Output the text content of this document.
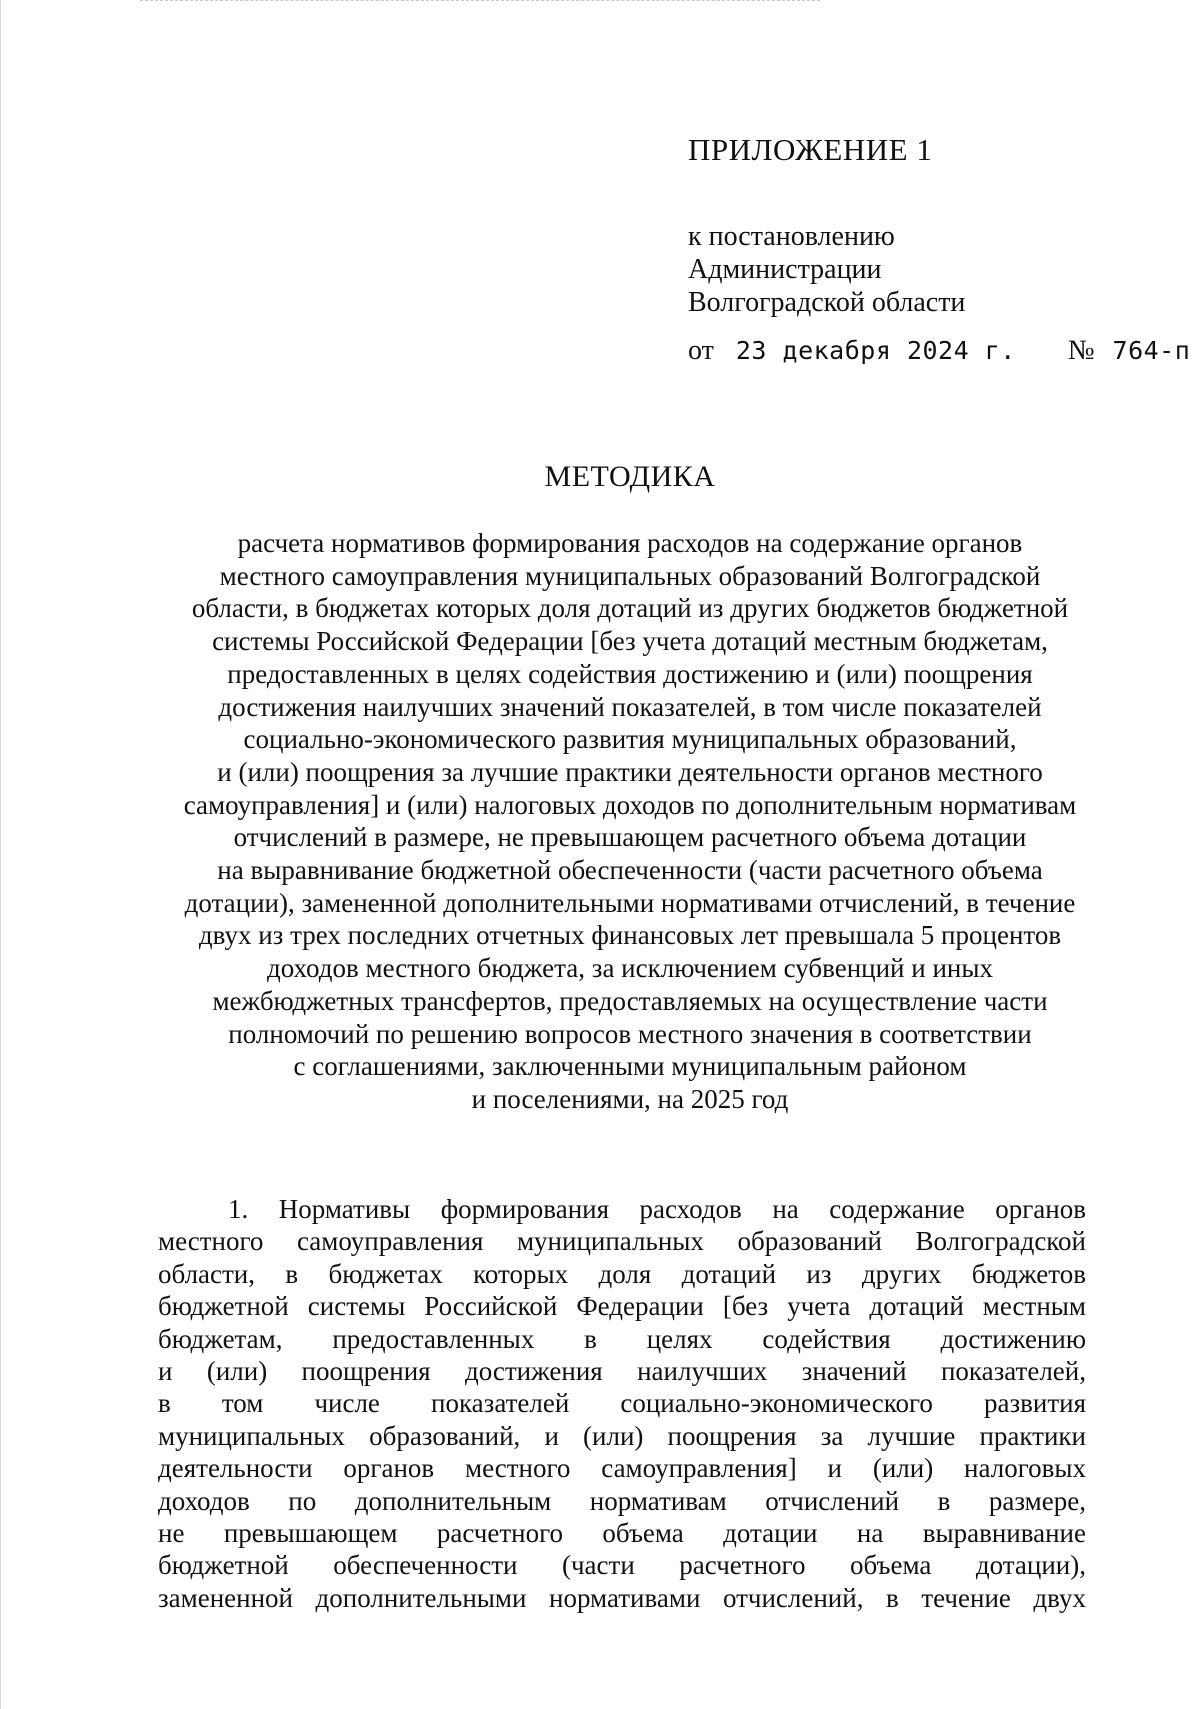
ПРИЛОЖЕНИЕ 1
к постановлению
Администрации
Волгоградской области
от 23 декабря 2024 г. № 764-п
МЕТОДИКА
расчета нормативов формирования расходов на содержание органов
местного самоуправления муниципальных образований Волгоградской
области, в бюджетах которых доля дотаций из других бюджетов бюджетной
системы Российской Федерации [без учета дотаций местным бюджетам,
предоставленных в целях содействия достижению и (или) поощрения
достижения наилучших значений показателей, в том числе показателей
социально-экономического развития муниципальных образований,
и (или) поощрения за лучшие практики деятельности органов местного
самоуправления] и (или) налоговых доходов по дополнительным нормативам
отчислений в размере, не превышающем расчетного объема дотации
на выравнивание бюджетной обеспеченности (части расчетного объема
дотации), замененной дополнительными нормативами отчислений, в течение
двух из трех последних отчетных финансовых лет превышала 5 процентов
доходов местного бюджета, за исключением субвенций и иных
межбюджетных трансфертов, предоставляемых на осуществление части
полномочий по решению вопросов местного значения в соответствии
с соглашениями, заключенными муниципальным районом
и поселениями, на 2025 год
1. Нормативы формирования расходов на содержание органов
местного самоуправления муниципальных образований Волгоградской
области, в бюджетах которых доля дотаций из других бюджетов
бюджетной системы Российской Федерации [без учета дотаций местным
бюджетам, предоставленных в целях содействия достижению
и (или) поощрения достижения наилучших значений показателей,
в том числе показателей социально-экономического развития
муниципальных образований, и (или) поощрения за лучшие практики
деятельности органов местного самоуправления] и (или) налоговых
доходов по дополнительным нормативам отчислений в размере,
не превышающем расчетного объема дотации на выравнивание
бюджетной обеспеченности (части расчетного объема дотации),
замененной дополнительными нормативами отчислений, в течение двух
